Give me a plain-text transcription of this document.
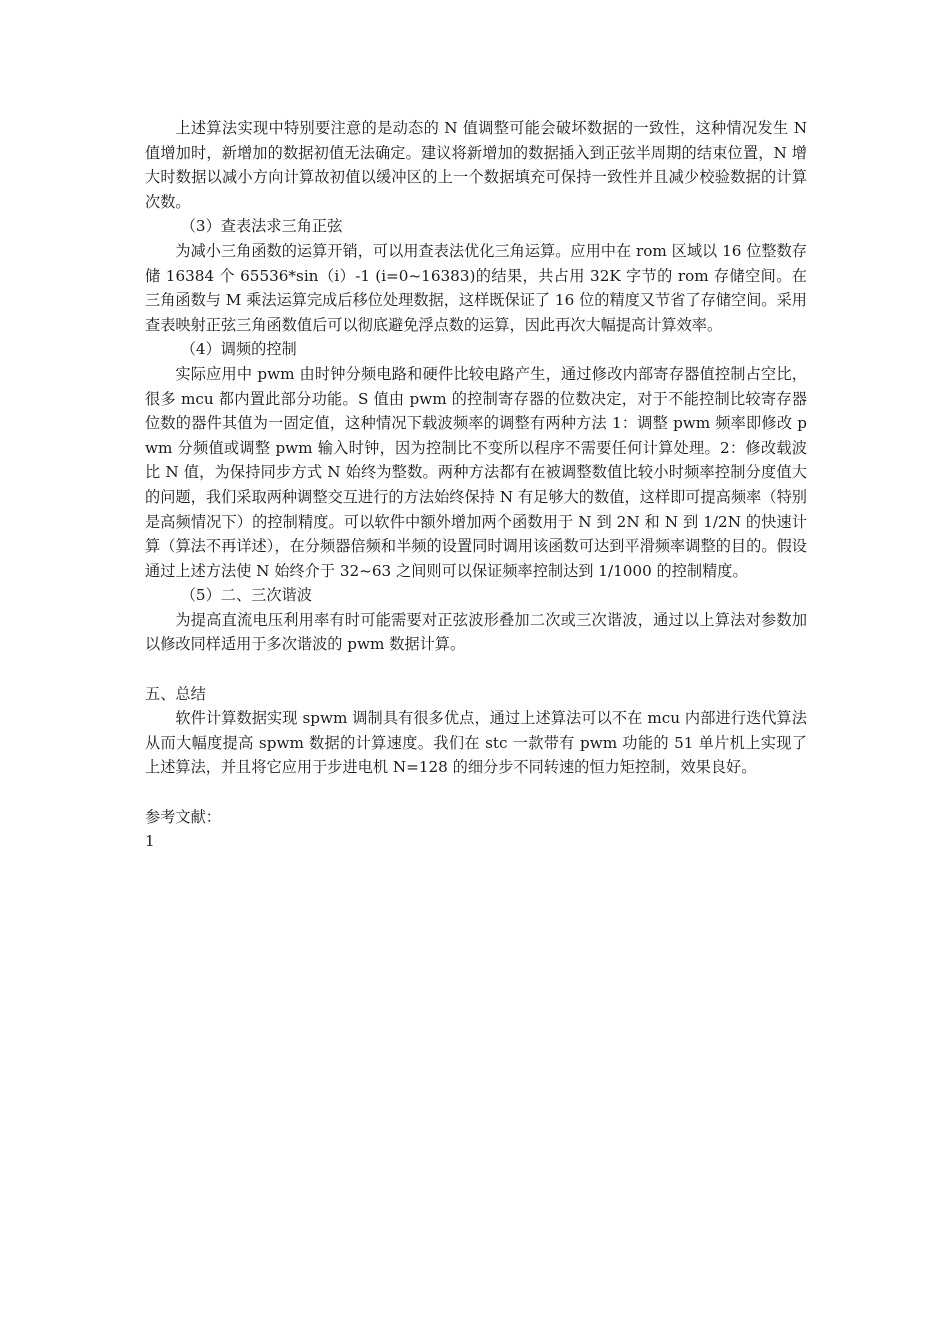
上述算法实现中特别要注意的是动态的 N 值调整可能会破坏数据的一致性，这种情况发生 N 值增加时，新增加的数据初值无法确定。建议将新增加的数据插入到正弦半周期的结束位置，N 增大时数据以减小方向计算故初值以缓冲区的上一个数据填充可保持一致性并且减少校验数据的计算次数。

（3）查表法求三角正弦

为减小三角函数的运算开销，可以用查表法优化三角运算。应用中在 rom 区域以 16 位整数存储 16384 个 65536*sin（i）-1 (i=0~16383)的结果，共占用 32K 字节的 rom 存储空间。在三角函数与 M 乘法运算完成后移位处理数据，这样既保证了 16 位的精度又节省了存储空间。采用查表映射正弦三角函数值后可以彻底避免浮点数的运算，因此再次大幅提高计算效率。

（4）调频的控制

实际应用中 pwm 由时钟分频电路和硬件比较电路产生，通过修改内部寄存器值控制占空比，很多 mcu 都内置此部分功能。S 值由 pwm 的控制寄存器的位数决定，对于不能控制比较寄存器位数的器件其值为一固定值，这种情况下载波频率的调整有两种方法 1：调整 pwm 频率即修改 pwm 分频值或调整 pwm 输入时钟，因为控制比不变所以程序不需要任何计算处理。2：修改载波比 N 值，为保持同步方式 N 始终为整数。两种方法都有在被调整数值比较小时频率控制分度值大的问题，我们采取两种调整交互进行的方法始终保持 N 有足够大的数值，这样即可提高频率（特别是高频情况下）的控制精度。可以软件中额外增加两个函数用于 N 到 2N 和 N 到 1/2N 的快速计算（算法不再详述），在分频器倍频和半频的设置同时调用该函数可达到平滑频率调整的目的。假设通过上述方法使 N 始终介于 32~63 之间则可以保证频率控制达到 1/1000 的控制精度。

（5）二、三次谐波

为提高直流电压利用率有时可能需要对正弦波形叠加二次或三次谐波，通过以上算法对参数加以修改同样适用于多次谐波的 pwm 数据计算。

五、总结

软件计算数据实现 spwm 调制具有很多优点，通过上述算法可以不在 mcu 内部进行迭代算法从而大幅度提高 spwm 数据的计算速度。我们在 stc 一款带有 pwm 功能的 51 单片机上实现了上述算法，并且将它应用于步进电机 N=128 的细分步不同转速的恒力矩控制，效果良好。

参考文献：

1
